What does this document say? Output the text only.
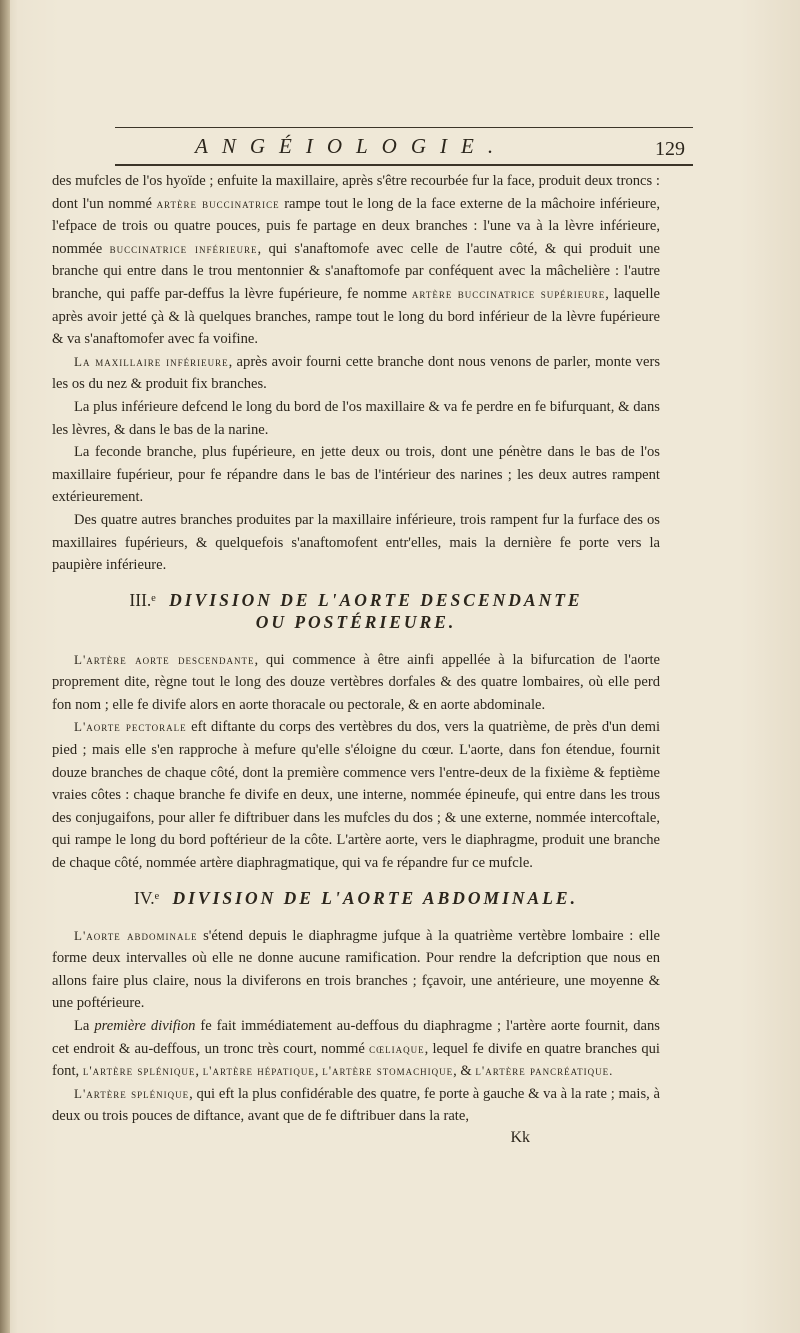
ANGÉIOLOGIE.	129

des mufcles de l'os hyoïde ; enfuite la maxillaire, après s'être recourbée fur la face, produit deux troncs : dont l'un nommé artère buccinatrice rampe tout le long de la face externe de la mâchoire inférieure, l'efpace de trois ou quatre pouces, puis fe partage en deux branches : l'une va à la lèvre inférieure, nommée buccinatrice inférieure, qui s'anaftomofe avec celle de l'autre côté, & qui produit une branche qui entre dans le trou mentonnier & s'anaftomofe par conféquent avec la mâchelière : l'autre branche, qui paffe par-deffus la lèvre fupérieure, fe nomme artère buccinatrice supérieure, laquelle après avoir jetté çà & là quelques branches, rampe tout le long du bord inférieur de la lèvre fupérieure & va s'anaftomofer avec fa voifine.

La maxillaire inférieure, après avoir fourni cette branche dont nous venons de parler, monte vers les os du nez & produit fix branches.

La plus inférieure defcend le long du bord de l'os maxillaire & va fe perdre en fe bifurquant, & dans les lèvres, & dans le bas de la narine.

La feconde branche, plus fupérieure, en jette deux ou trois, dont une pénètre dans le bas de l'os maxillaire fupérieur, pour fe répandre dans le bas de l'intérieur des narines ; les deux autres rampent extérieurement.

Des quatre autres branches produites par la maxillaire inférieure, trois rampent fur la furface des os maxillaires fupérieurs, & quelquefois s'anaftomofent entr'elles, mais la dernière fe porte vers la paupière inférieure.

III.ᵉ DIVISION DE L'AORTE DESCENDANTE
OU POSTÉRIEURE.

L'artère aorte descendante, qui commence à être ainfi appellée à la bifurcation de l'aorte proprement dite, règne tout le long des douze vertèbres dorfales & des quatre lombaires, où elle perd fon nom ; elle fe divife alors en aorte thoracale ou pectorale, & en aorte abdominale.

L'aorte pectorale eft diftante du corps des vertèbres du dos, vers la quatrième, de près d'un demi pied ; mais elle s'en rapproche à mefure qu'elle s'éloigne du cœur. L'aorte, dans fon étendue, fournit douze branches de chaque côté, dont la première commence vers l'entre-deux de la fixième & feptième vraies côtes : chaque branche fe divife en deux, une interne, nommée épineufe, qui entre dans les trous des conjugaifons, pour aller fe diftribuer dans les mufcles du dos ; & une externe, nommée intercoftale, qui rampe le long du bord poftérieur de la côte. L'artère aorte, vers le diaphragme, produit une branche de chaque côté, nommée artère diaphragmatique, qui va fe répandre fur ce mufcle.

IV.ᵉ DIVISION DE L'AORTE ABDOMINALE.

L'aorte abdominale s'étend depuis le diaphragme jufque à la quatrième vertèbre lombaire : elle forme deux intervalles où elle ne donne aucune ramification. Pour rendre la defcription que nous en allons faire plus claire, nous la diviferons en trois branches ; fçavoir, une antérieure, une moyenne & une poftérieure.

La première divifion fe fait immédiatement au-deffous du diaphragme ; l'artère aorte fournit, dans cet endroit & au-deffous, un tronc très court, nommé cœliaque, lequel fe divife en quatre branches qui font, l'artère splénique, l'artère hépatique, l'artère stomachique, & l'artère pancréatique.

L'artère splénique, qui eft la plus confidérable des quatre, fe porte à gauche & va à la rate ; mais, à deux ou trois pouces de diftance, avant que de fe diftribuer dans la rate,

Kk
